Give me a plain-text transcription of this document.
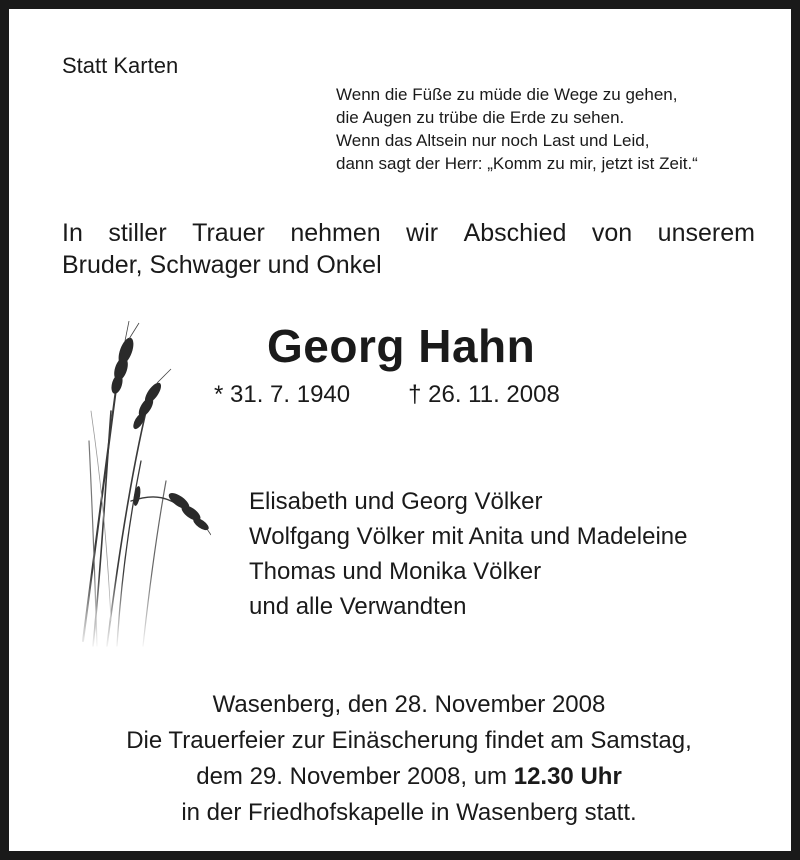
Statt Karten
Wenn die Füße zu müde die Wege zu gehen,
die Augen zu trübe die Erde zu sehen.
Wenn das Altsein nur noch Last und Leid,
dann sagt der Herr: „Komm zu mir, jetzt ist Zeit.“
In stiller Trauer nehmen wir Abschied von unserem
Bruder, Schwager und Onkel
Georg Hahn
* 31. 7. 1940 † 26. 11. 2008
Elisabeth und Georg Völker
Wolfgang Völker mit Anita und Madeleine
Thomas und Monika Völker
und alle Verwandten
Wasenberg, den 28. November 2008
Die Trauerfeier zur Einäscherung findet am Samstag,
dem 29. November 2008, um 12.30 Uhr
in der Friedhofskapelle in Wasenberg statt.
